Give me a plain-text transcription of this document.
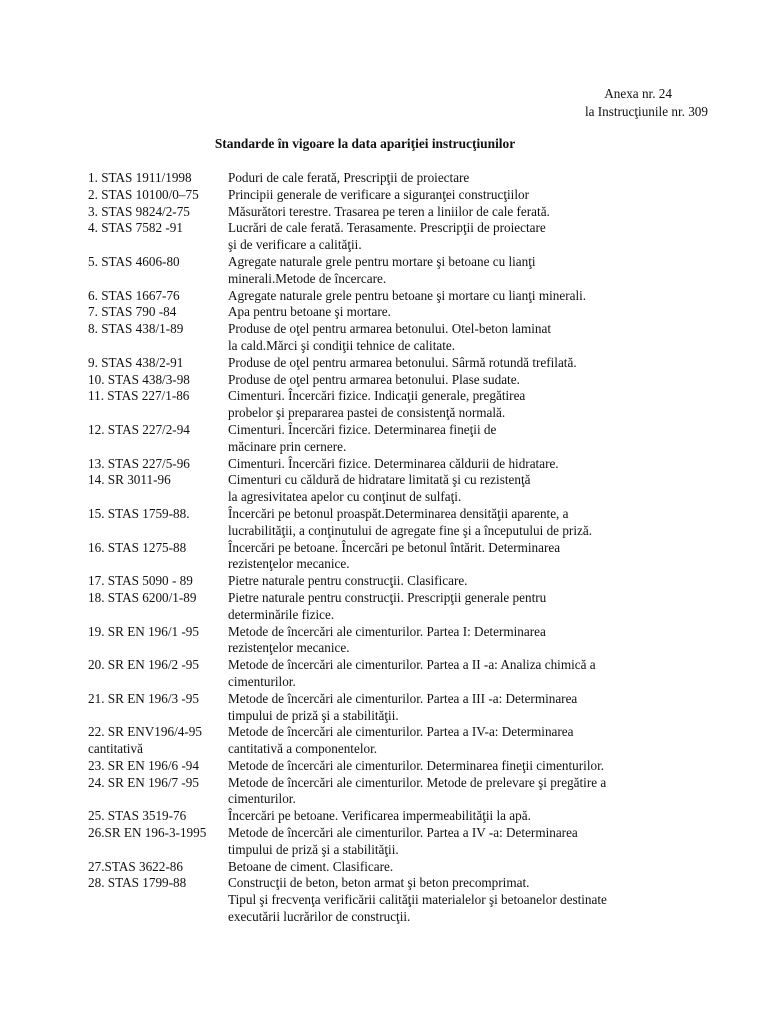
Anexa nr. 24
la Instrucţiunile nr. 309
Standarde în vigoare la data apariţiei instrucţiunilor
1. STAS 1911/1998	Poduri de cale ferată, Prescripţii de proiectare
2. STAS 10100/0–75 Principii generale de verificare a siguranţei construcţiilor
3. STAS 9824/2-75	Măsurători terestre. Trasarea pe teren a liniilor de cale ferată.
4. STAS 7582 -91	Lucrări de cale ferată. Terasamente. Prescripţii de proiectare
şi de verificare a calităţii.
5. STAS 4606-80	Agregate naturale grele pentru mortare şi betoane cu lianţi
minerali.Metode de încercare.
6. STAS 1667-76	Agregate naturale grele pentru betoane şi mortare cu lianţi minerali.
7. STAS 790 -84	Apa pentru betoane şi mortare.
8. STAS 438/1-89	Produse de oţel pentru armarea betonului. Otel-beton laminat
la cald.Mărci şi condiţii tehnice de calitate.
9. STAS 438/2-91	Produse de oţel pentru armarea betonului. Sârmă rotundă trefilată.
10. STAS 438/3-98	Produse de oţel pentru armarea betonului. Plase sudate.
11. STAS 227/1-86	Cimenturi. Încercări fizice. Indicaţii generale, pregătirea
probelor şi prepararea pastei de consistenţă normală.
12. STAS 227/2-94	Cimenturi. Încercări fizice. Determinarea fineţii de
măcinare prin cernere.
13. STAS 227/5-96	Cimenturi. Încercări fizice. Determinarea căldurii de hidratare.
14. SR 3011-96	Cimenturi cu căldură de hidratare limitată şi cu rezistenţă
la agresivitatea apelor cu conţinut de sulfaţi.
15. STAS 1759-88.	Încercări pe betonul proaspăt.Determinarea densităţii aparente, a
lucrabilităţii, a conţinutului de agregate fine şi a începutului de priză.
16. STAS 1275-88	Încercări pe betoane. Încercări pe betonul întărit. Determinarea
rezistenţelor mecanice.
17. STAS 5090 - 89	Pietre naturale pentru construcţii. Clasificare.
18. STAS 6200/1-89 Pietre naturale pentru construcţii. Prescripţii generale pentru
determinările fizice.
19. SR EN 196/1 -95 Metode de încercări ale cimenturilor. Partea I: Determinarea
rezistenţelor mecanice.
20. SR EN 196/2 -95 Metode de încercări ale cimenturilor. Partea a II -a: Analiza chimică a
cimenturilor.
21. SR EN 196/3 -95 Metode de încercări ale cimenturilor. Partea a III -a: Determinarea
timpului de priză şi a stabilităţii.
22. SR ENV196/4-95 Metode de încercări ale cimenturilor. Partea a IV-a: Determinarea
cantitativă	cantitativă a componentelor.
23. SR EN 196/6 -94 Metode de încercări ale cimenturilor. Determinarea fineţii cimenturilor.
24. SR EN 196/7 -95 Metode de încercări ale cimenturilor. Metode de prelevare şi pregătire a
cimenturilor.
25. STAS 3519-76	Încercări pe betoane. Verificarea impermeabilităţii la apă.
26.SR EN 196-3-1995 Metode de încercări ale cimenturilor. Partea a IV -a: Determinarea
timpului de priză şi a stabilităţii.
27.STAS 3622-86	Betoane de ciment. Clasificare.
28. STAS 1799-88	Construcţii de beton, beton armat şi beton precomprimat.
Tipul şi frecvenţa verificării calităţii materialelor şi betoanelor destinate
executării lucrărilor de construcţii.
